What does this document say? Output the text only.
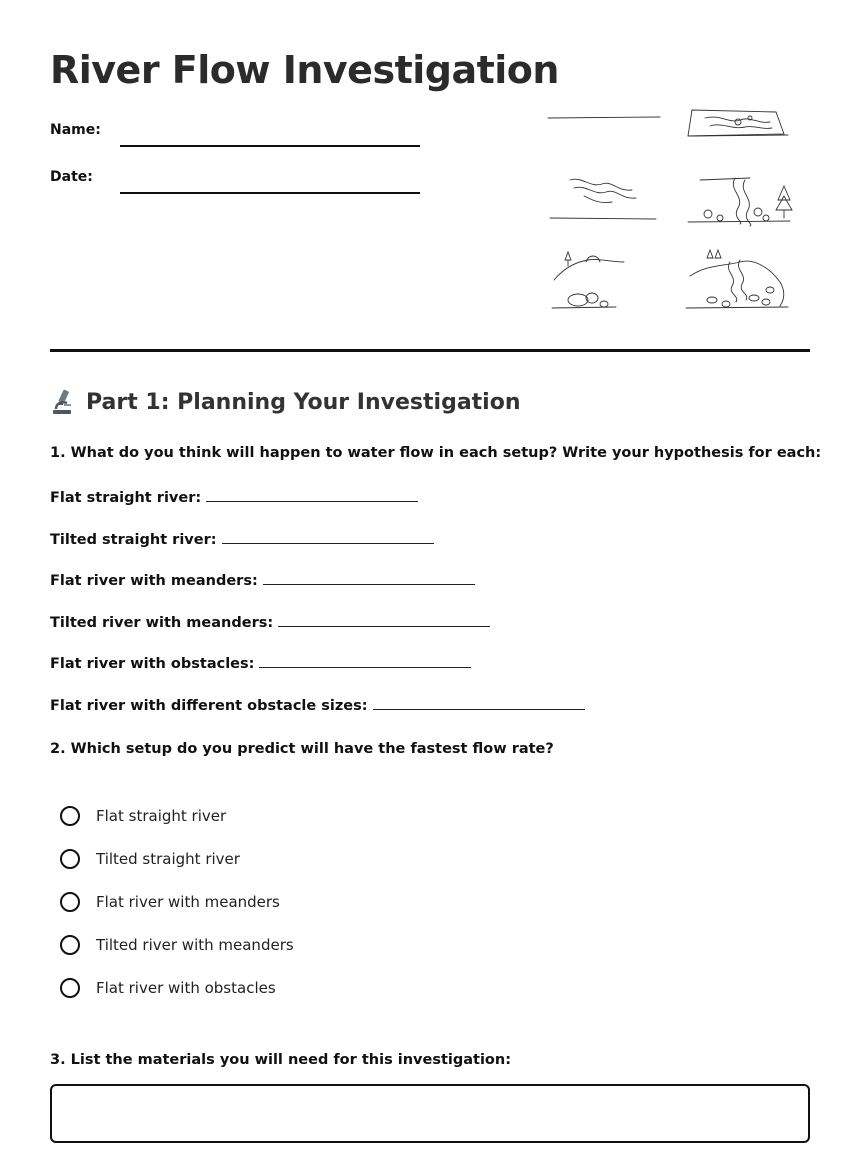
River Flow Investigation
Name:
Date:
Part 1: Planning Your Investigation
1. What do you think will happen to water flow in each setup? Write your hypothesis for each:
Flat straight river:
Tilted straight river:
Flat river with meanders:
Tilted river with meanders:
Flat river with obstacles:
Flat river with different obstacle sizes:
2. Which setup do you predict will have the fastest flow rate?
Flat straight river
Tilted straight river
Flat river with meanders
Tilted river with meanders
Flat river with obstacles
3. List the materials you will need for this investigation:
